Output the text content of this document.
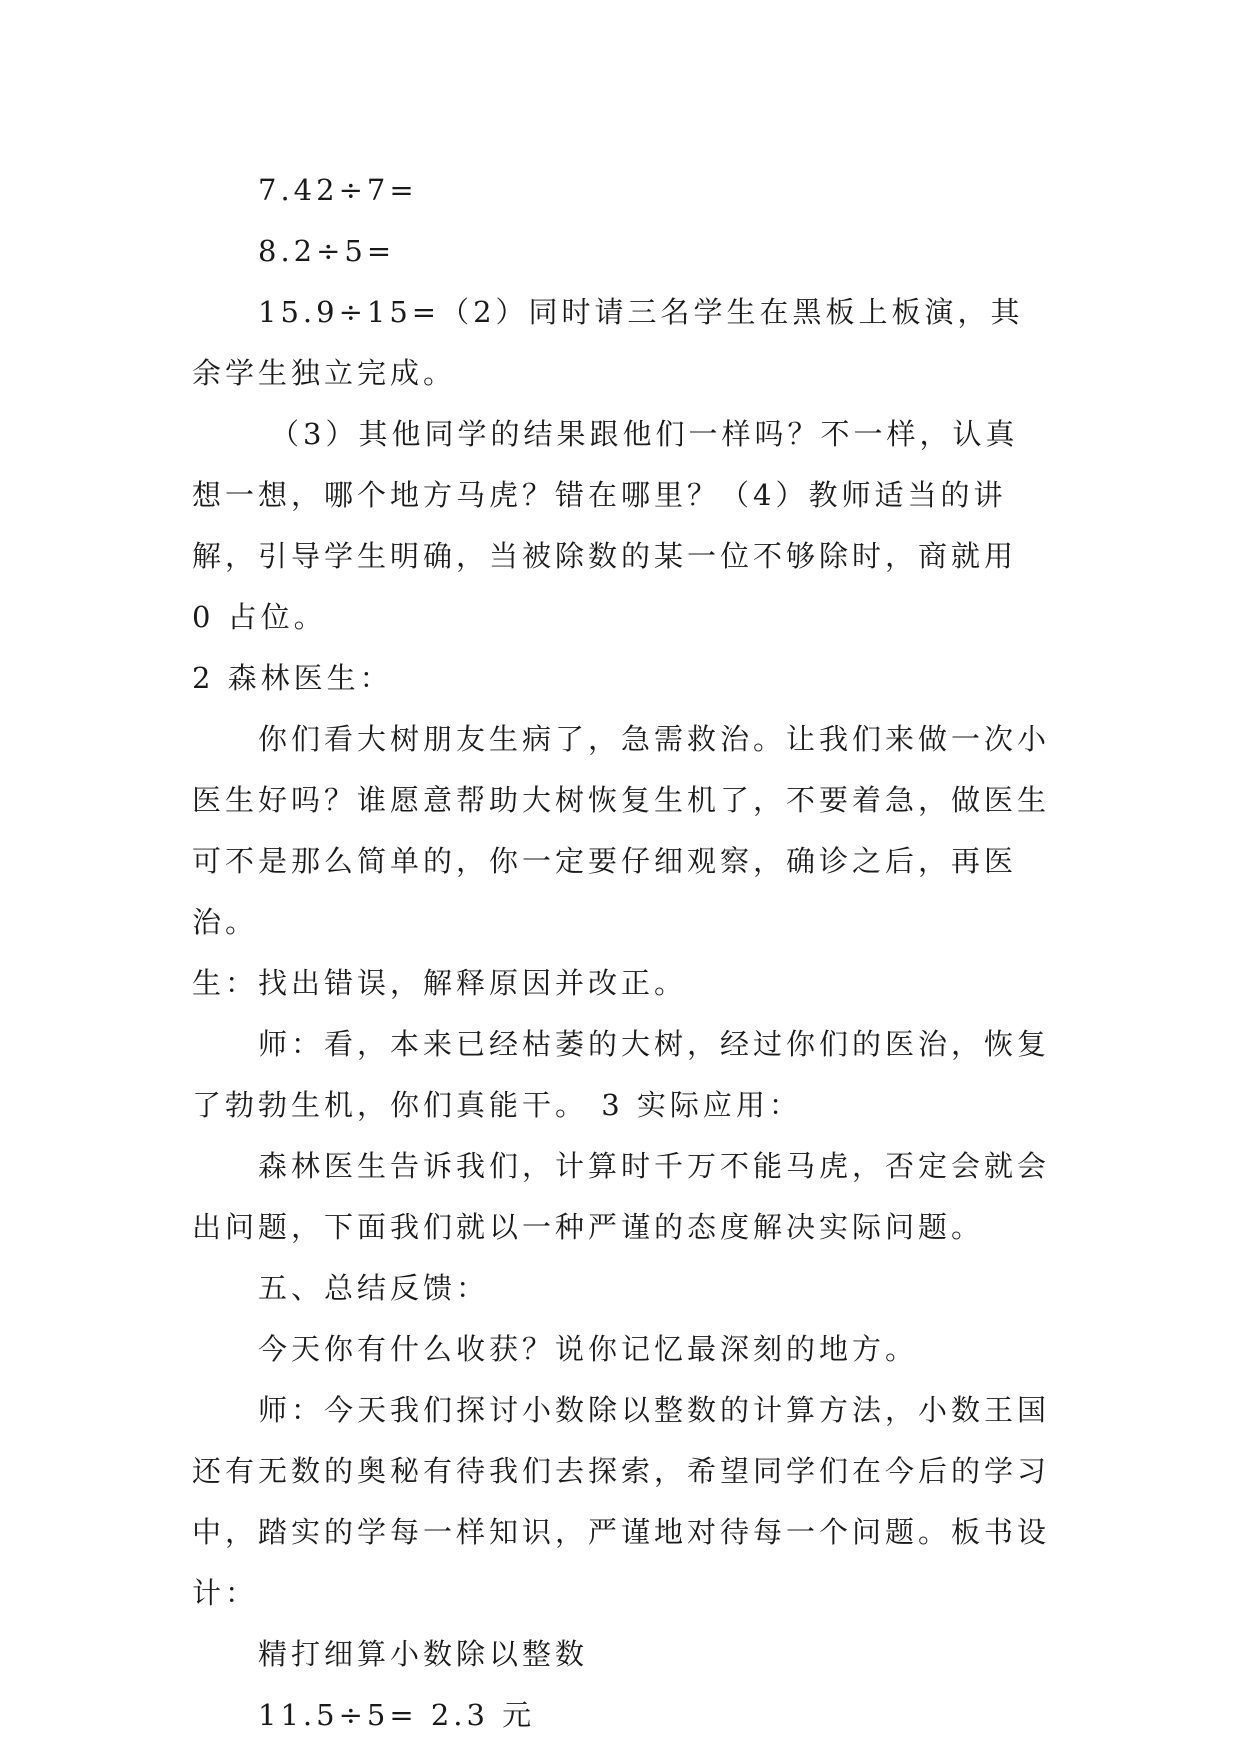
7.42÷7=

8.2÷5=

15.9÷15=（2）同时请三名学生在黑板上板演，其余学生独立完成。

（3）其他同学的结果跟他们一样吗？不一样，认真想一想，哪个地方马虎？错在哪里？（4）教师适当的讲解，引导学生明确，当被除数的某一位不够除时，商就用 0 占位。

2 森林医生：

你们看大树朋友生病了，急需救治。让我们来做一次小医生好吗？谁愿意帮助大树恢复生机了，不要着急，做医生可不是那么简单的，你一定要仔细观察，确诊之后，再医治。

生：找出错误，解释原因并改正。

师：看，本来已经枯萎的大树，经过你们的医治，恢复了勃勃生机，你们真能干。 3 实际应用：

森林医生告诉我们，计算时千万不能马虎，否定会就会出问题，下面我们就以一种严谨的态度解决实际问题。

五、总结反馈：

今天你有什么收获？说你记忆最深刻的地方。

师：今天我们探讨小数除以整数的计算方法，小数王国还有无数的奥秘有待我们去探索，希望同学们在今后的学习中，踏实的学每一样知识，严谨地对待每一个问题。板书设计：

精打细算小数除以整数

11.5÷5= 2.3 元
